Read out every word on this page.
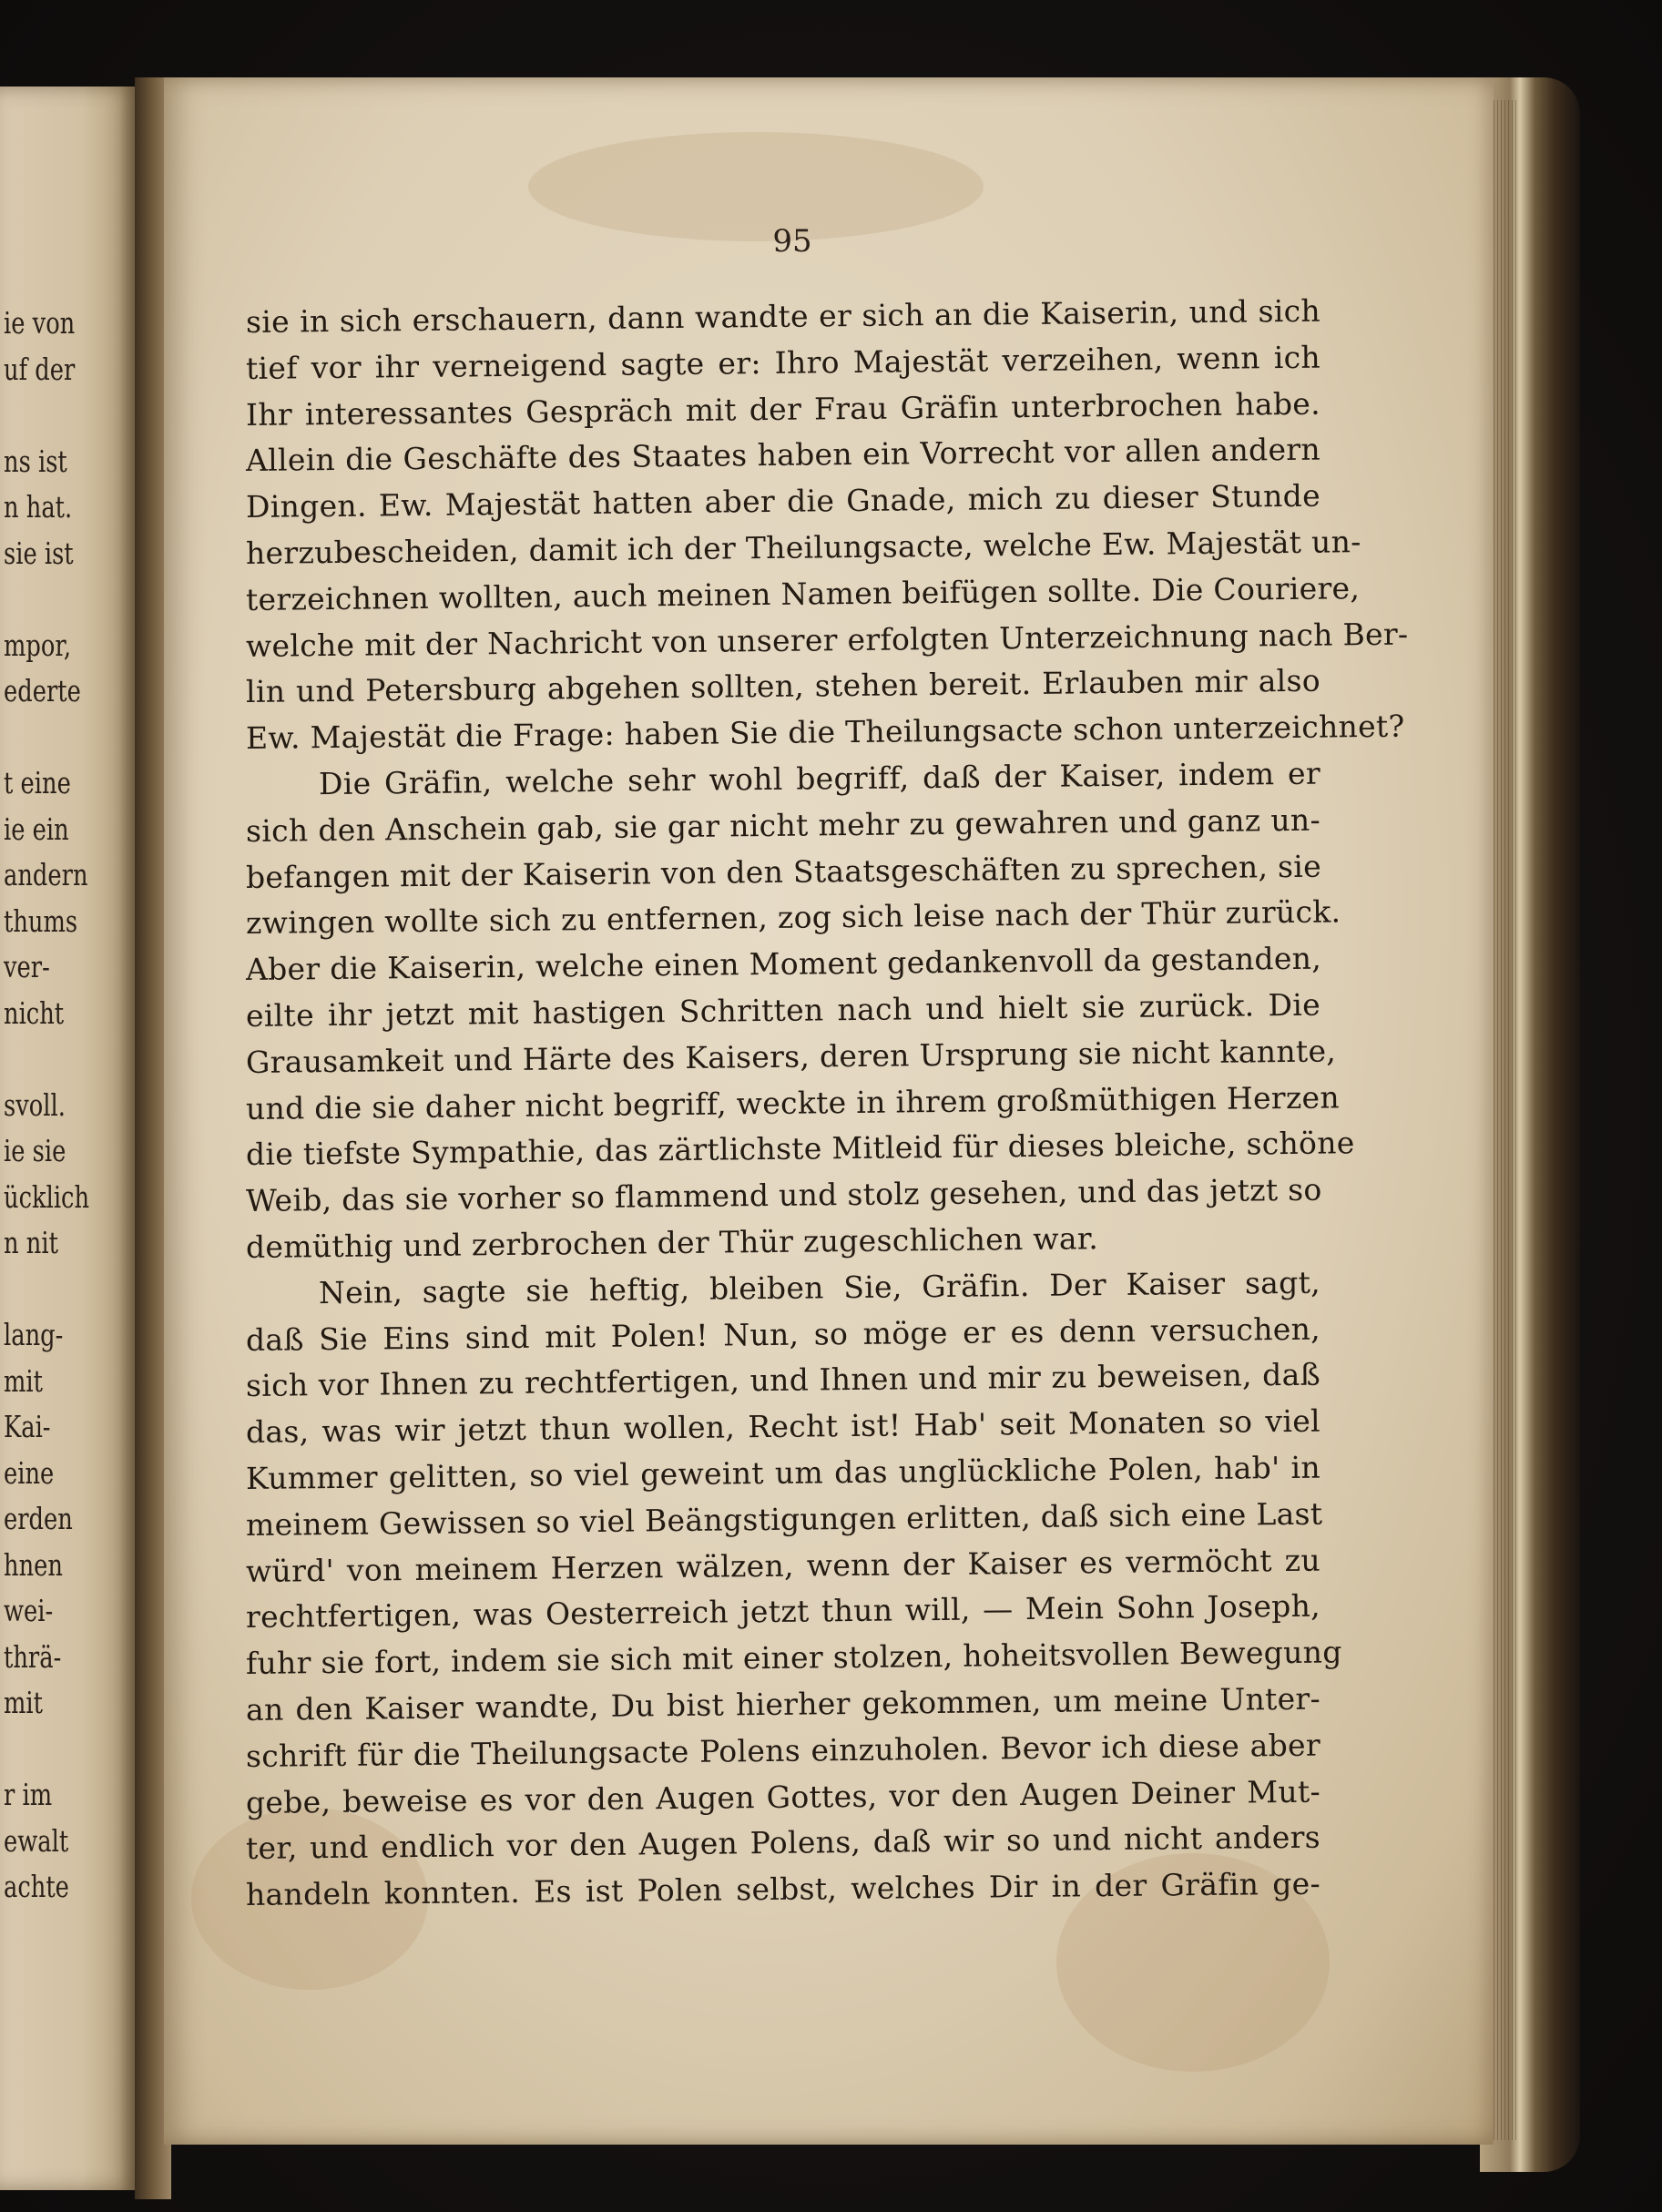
ie von
uf der
ns ist
n hat.
sie ist
mpor,
ederte
t eine
ie ein
andern
thums
ver-
nicht
svoll.
ie sie
ücklich
n nit
lang-
mit
Kai-
eine
erden
hnen
wei-
thrä-
mit
r im
ewalt
achte
95
sie in sich erschauern, dann wandte er sich an die Kaiserin, und sich
tief vor ihr verneigend sagte er: Ihro Majestät verzeihen, wenn ich
Ihr interessantes Gespräch mit der Frau Gräfin unterbrochen habe.
Allein die Geschäfte des Staates haben ein Vorrecht vor allen andern
Dingen. Ew. Majestät hatten aber die Gnade, mich zu dieser Stunde
herzubescheiden, damit ich der Theilungsacte, welche Ew. Majestät un-
terzeichnen wollten, auch meinen Namen beifügen sollte. Die Couriere,
welche mit der Nachricht von unserer erfolgten Unterzeichnung nach Ber-
lin und Petersburg abgehen sollten, stehen bereit. Erlauben mir also
Ew. Majestät die Frage: haben Sie die Theilungsacte schon unterzeichnet?
Die Gräfin, welche sehr wohl begriff, daß der Kaiser, indem er
sich den Anschein gab, sie gar nicht mehr zu gewahren und ganz un-
befangen mit der Kaiserin von den Staatsgeschäften zu sprechen, sie
zwingen wollte sich zu entfernen, zog sich leise nach der Thür zurück.
Aber die Kaiserin, welche einen Moment gedankenvoll da gestanden,
eilte ihr jetzt mit hastigen Schritten nach und hielt sie zurück. Die
Grausamkeit und Härte des Kaisers, deren Ursprung sie nicht kannte,
und die sie daher nicht begriff, weckte in ihrem großmüthigen Herzen
die tiefste Sympathie, das zärtlichste Mitleid für dieses bleiche, schöne
Weib, das sie vorher so flammend und stolz gesehen, und das jetzt so
demüthig und zerbrochen der Thür zugeschlichen war.
Nein, sagte sie heftig, bleiben Sie, Gräfin. Der Kaiser sagt,
daß Sie Eins sind mit Polen! Nun, so möge er es denn versuchen,
sich vor Ihnen zu rechtfertigen, und Ihnen und mir zu beweisen, daß
das, was wir jetzt thun wollen, Recht ist! Hab' seit Monaten so viel
Kummer gelitten, so viel geweint um das unglückliche Polen, hab' in
meinem Gewissen so viel Beängstigungen erlitten, daß sich eine Last
würd' von meinem Herzen wälzen, wenn der Kaiser es vermöcht zu
rechtfertigen, was Oesterreich jetzt thun will, — Mein Sohn Joseph,
fuhr sie fort, indem sie sich mit einer stolzen, hoheitsvollen Bewegung
an den Kaiser wandte, Du bist hierher gekommen, um meine Unter-
schrift für die Theilungsacte Polens einzuholen. Bevor ich diese aber
gebe, beweise es vor den Augen Gottes, vor den Augen Deiner Mut-
ter, und endlich vor den Augen Polens, daß wir so und nicht anders
handeln konnten. Es ist Polen selbst, welches Dir in der Gräfin ge-
